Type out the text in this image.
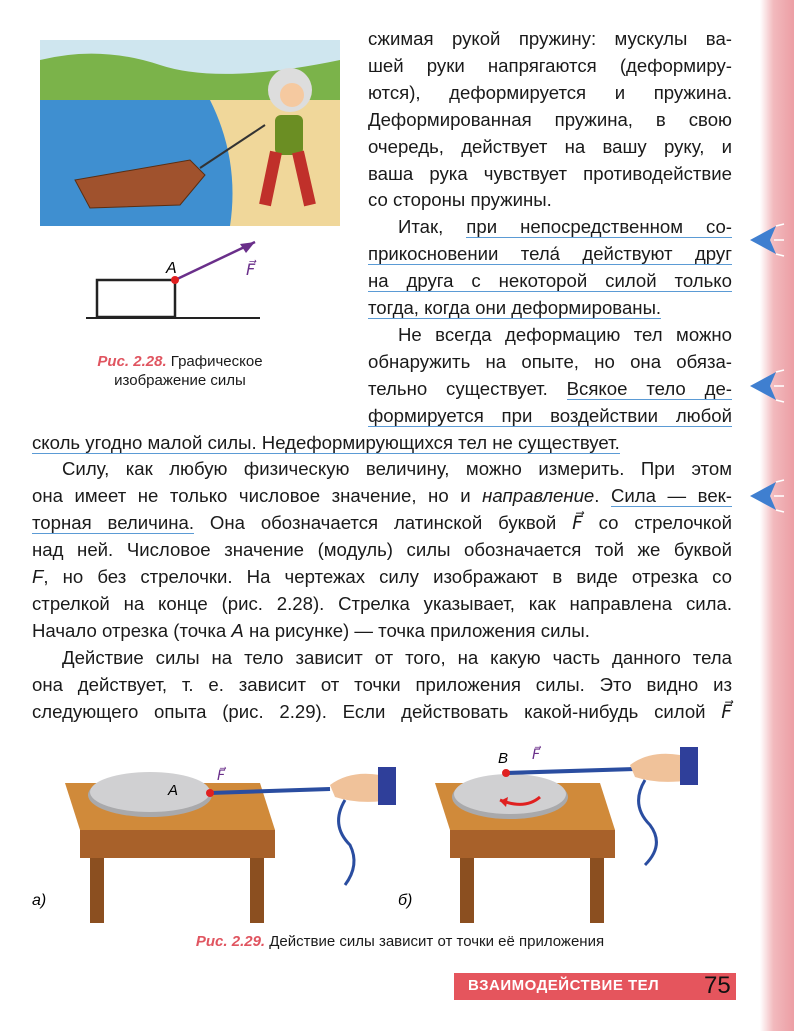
A	F⃗
Рис. 2.28. Графическое
изображение силы
сжимая рукой пружину: мускулы ва-
шей руки напрягаются (деформиру-
ются), деформируется и пружина.
Деформированная пружина, в свою
очередь, действует на вашу руку, и
ваша рука чувствует противодействие
со стороны пружины.
Итак, при непосредственном со-
прикосновении тела́ действуют друг
на друга с некоторой силой только
тогда, когда они деформированы.
Не всегда деформацию тел можно
обнаружить на опыте, но она обяза-
тельно существует. Всякое тело де-
формируется при воздействии любой
сколь угодно малой силы. Недеформирующихся тел не существует.
Силу, как любую физическую величину, можно измерить. При этом
она имеет не только числовое значение, но и направление. Сила — век-
торная величина. Она обозначается латинской буквой F⃗ со стрелочкой
над ней. Числовое значение (модуль) силы обозначается той же буквой
F, но без стрелочки. На чертежах силу изображают в виде отрезка со
стрелкой на конце (рис. 2.28). Стрелка указывает, как направлена сила.
Начало отрезка (точка A на рисунке) — точка приложения силы.
Действие силы на тело зависит от того, на какую часть данного тела
она действует, т. е. зависит от точки приложения силы. Это видно из
следующего опыта (рис. 2.29). Если действовать какой-нибудь силой F⃗
A
F⃗
а)
B F⃗
б)
Рис. 2.29. Действие силы зависит от точки её приложения
ВЗАИМОДЕЙСТВИЕ ТЕЛ 75
